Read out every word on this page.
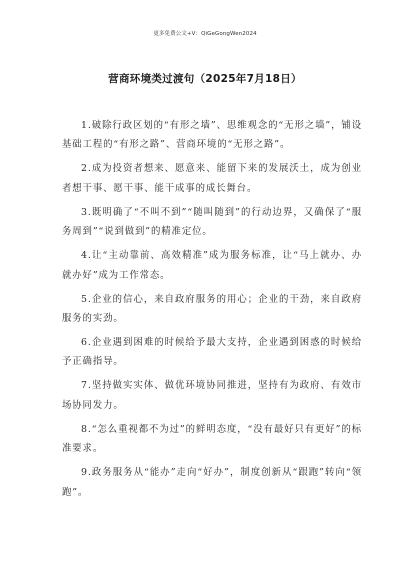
更多免费公文+V：QiGeGongWen2024
营商环境类过渡句（2025年7月18日）

1.破除行政区划的“有形之墙”、思维观念的“无形之墙”，铺设基础工程的“有形之路”、营商环境的“无形之路”。

2.成为投资者想来、愿意来、能留下来的发展沃土，成为创业者想干事、愿干事、能干成事的成长舞台。

3.既明确了“不叫不到”“随叫随到”的行动边界，又确保了“服务周到”“说到做到”的精准定位。

4.让“主动靠前、高效精准”成为服务标准，让“马上就办、办就办好”成为工作常态。

5.企业的信心，来自政府服务的用心；企业的干劲，来自政府服务的实劲。

6.企业遇到困难的时候给予最大支持，企业遇到困惑的时候给予正确指导。

7.坚持做实实体、做优环境协同推进，坚持有为政府、有效市场协同发力。

8.“怎么重视都不为过”的鲜明态度，“没有最好只有更好”的标准要求。

9.政务服务从“能办”走向“好办”，制度创新从“跟跑”转向“领跑”。
